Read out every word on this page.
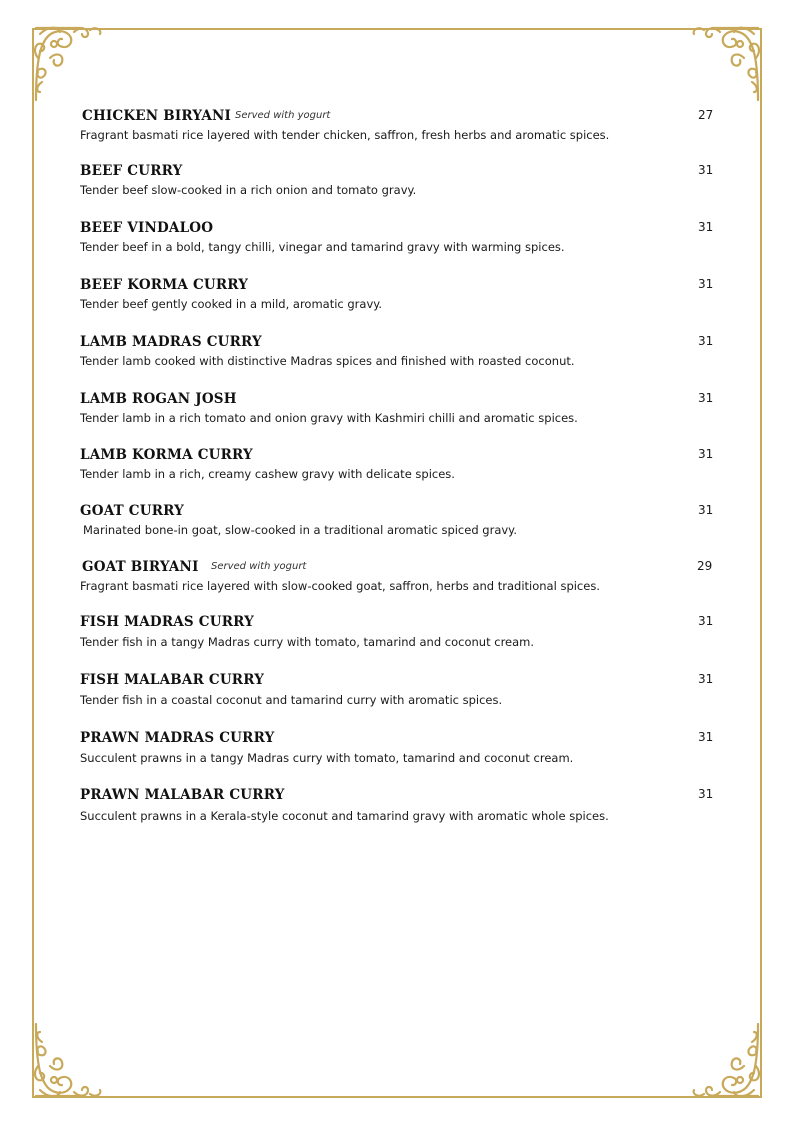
CHICKEN BIRYANI Served with yogurt
Fragrant basmati rice layered with tender chicken, saffron, fresh herbs and aromatic spices.
27
BEEF CURRY
Tender beef slow-cooked in a rich onion and tomato gravy.
31
BEEF VINDALOO
Tender beef in a bold, tangy chilli, vinegar and tamarind gravy with warming spices.
31
BEEF KORMA CURRY
Tender beef gently cooked in a mild, aromatic gravy.
31
LAMB MADRAS CURRY
Tender lamb cooked with distinctive Madras spices and finished with roasted coconut.
31
LAMB ROGAN JOSH
Tender lamb in a rich tomato and onion gravy with Kashmiri chilli and aromatic spices.
31
LAMB KORMA CURRY
Tender lamb in a rich, creamy cashew gravy with delicate spices.
31
GOAT CURRY
Marinated bone-in goat, slow-cooked in a traditional aromatic spiced gravy.
31
GOAT BIRYANI Served with yogurt
Fragrant basmati rice layered with slow-cooked goat, saffron, herbs and traditional spices.
29
FISH MADRAS CURRY
Tender fish in a tangy Madras curry with tomato, tamarind and coconut cream.
31
FISH MALABAR CURRY
Tender fish in a coastal coconut and tamarind curry with aromatic spices.
31
PRAWN MADRAS CURRY
Succulent prawns in a tangy Madras curry with tomato, tamarind and coconut cream.
31
PRAWN MALABAR CURRY
Succulent prawns in a Kerala-style coconut and tamarind gravy with aromatic whole spices.
31
